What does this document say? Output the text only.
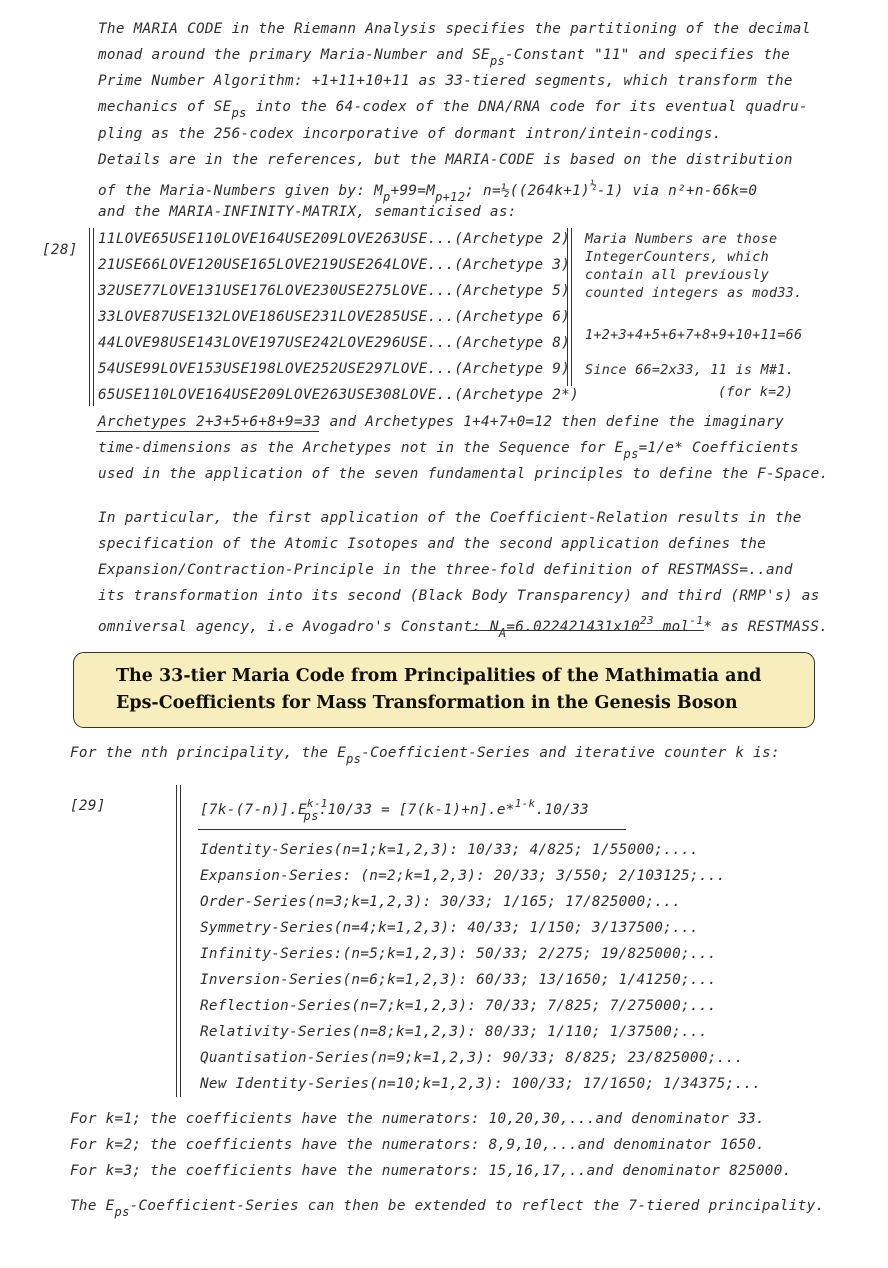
The MARIA CODE in the Riemann Analysis specifies the partitioning of the decimal
monad around the primary Maria-Number and $SE_{ps}$-Constant "11" and specifies the
Prime Number Algorithm: +1+11+10+11 as 33-tiered segments, which transform the
mechanics of $SE_{ps}$ into the 64-codex of the DNA/RNA code for its eventual quadru-
pling as the 256-codex incorporative of dormant intron/intein-codings.
Details are in the references, but the MARIA-CODE is based on the distribution
of the Maria-Numbers given by: $M_p+99=M_{p+12}$; $n=\frac{1}{2}((264k+1)^{\frac{1}{2}}-1)$ via n²+n-66k=0
and the MARIA-INFINITY-MATRIX, semanticised as:
[28]
11LOVE65USE110LOVE164USE209LOVE263USE...(Archetype 2)
21USE66LOVE120USE165LOVE219USE264LOVE...(Archetype 3)
32USE77LOVE131USE176LOVE230USE275LOVE...(Archetype 5)
33LOVE87USE132LOVE186USE231LOVE285USE...(Archetype 6)
44LOVE98USE143LOVE197USE242LOVE296USE...(Archetype 8)
54USE99LOVE153USE198LOVE252USE297LOVE...(Archetype 9)
65USE110LOVE164USE209LOVE263USE308LOVE..(Archetype 2*)
Maria Numbers are those
IntegerCounters, which
contain all previously
counted integers as mod33.
1+2+3+4+5+6+7+8+9+10+11=66
Since 66=2x33, 11 is M#1.
(for k=2)
Archetypes 2+3+5+6+8+9=33 and Archetypes 1+4+7+0=12 then define the imaginary
time-dimensions as the Archetypes not in the Sequence for $E_{ps}=1/e*$ Coefficients
used in the application of the seven fundamental principles to define the F-Space.
In particular, the first application of the Coefficient-Relation results in the
specification of the Atomic Isotopes and the second application defines the
Expansion/Contraction-Principle in the three-fold definition of RESTMASS=..and
its transformation into its second (Black Body Transparency) and third (RMP's) as
omniversal agency, i.e Avogadro's Constant: $N_A=6.022421431x10^{23}$ mol$^{-1}$* as RESTMASS.
The 33-tier Maria Code from Principalities of the Mathimatia and
Eps-Coefficients for Mass Transformation in the Genesis Boson
For the nth principality, the $E_{ps}-Coefficient$-Series and iterative counter k is:
[29]	$[7k-(7-n)].E^{k-1}_{ps}.10/33 = [7(k-1)+n].e*^{1-k}.10/33$
Identity-Series(n=1;k=1,2,3): 10/33; 4/825; 1/55000;....
Expansion-Series: (n=2;k=1,2,3): 20/33; 3/550; 2/103125;...
Order-Series(n=3;k=1,2,3): 30/33; 1/165; 17/825000;...
Symmetry-Series(n=4;k=1,2,3): 40/33; 1/150; 3/137500;...
Infinity-Series:(n=5;k=1,2,3): 50/33; 2/275; 19/825000;...
Inversion-Series(n=6;k=1,2,3): 60/33; 13/1650; 1/41250;...
Reflection-Series(n=7;k=1,2,3): 70/33; 7/825; 7/275000;...
Relativity-Series(n=8;k=1,2,3): 80/33; 1/110; 1/37500;...
Quantisation-Series(n=9;k=1,2,3): 90/33; 8/825; 23/825000;...
New Identity-Series(n=10;k=1,2,3): 100/33; 17/1650; 1/34375;...
For k=1; the coefficients have the numerators: 10,20,30,...and denominator 33.
For k=2; the coefficients have the numerators: 8,9,10,...and denominator 1650.
For k=3; the coefficients have the numerators: 15,16,17,..and denominator 825000.
The $E_{ps}-Coefficient$-Series can then be extended to reflect the 7-tiered principality.
